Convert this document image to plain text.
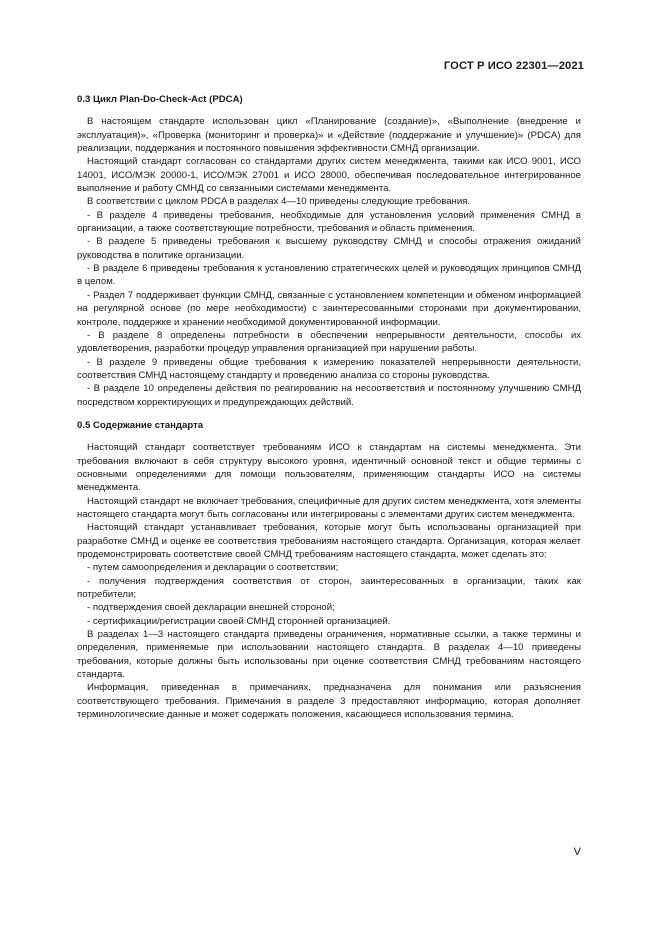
ГОСТ Р ИСО 22301—2021
0.3 Цикл Plan-Do-Check-Act (PDCA)

В настоящем стандарте использован цикл «Планирование (создание)», «Выполнение (внедрение и эксплуатация)», «Проверка (мониторинг и проверка)» и «Действие (поддержание и улучшение)» (PDCA) для реализации, поддержания и постоянного повышения эффективности СМНД организации.

Настоящий стандарт согласован со стандартами других систем менеджмента, такими как ИСО 9001, ИСО 14001, ИСО/МЭК 20000-1, ИСО/МЭК 27001 и ИСО 28000, обеспечивая последовательное интегрированное выполнение и работу СМНД со связанными системами менеджмента.

В соответствии с циклом PDCA в разделах 4—10 приведены следующие требования.

- В разделе 4 приведены требования, необходимые для установления условий применения СМНД в организации, а также соответствующие потребности, требования и область применения.

- В разделе 5 приведены требования к высшему руководству СМНД и способы отражения ожиданий руководства в политике организации.

- В разделе 6 приведены требования к установлению стратегических целей и руководящих принципов СМНД в целом.

- Раздел 7 поддерживает функции СМНД, связанные с установлением компетенции и обменом информацией на регулярной основе (по мере необходимости) с заинтересованными сторонами при документировании, контроле, поддержке и хранении необходимой документированной информации.

- В разделе 8 определены потребности в обеспечении непрерывности деятельности, способы их удовлетворения, разработки процедур управления организацией при нарушении работы.

- В разделе 9 приведены общие требования к измерению показателей непрерывности деятельности, соответствия СМНД настоящему стандарту и проведению анализа со стороны руководства.

- В разделе 10 определены действия по реагированию на несоответствия и постоянному улучшению СМНД посредством корректирующих и предупреждающих действий.

0.5 Содержание стандарта

Настоящий стандарт соответствует требованиям ИСО к стандартам на системы менеджмента. Эти требования включают в себя структуру высокого уровня, идентичный основной текст и общие термины с основными определениями для помощи пользователям, применяющим стандарты ИСО на системы менеджмента.

Настоящий стандарт не включает требования, специфичные для других систем менеджмента, хотя элементы настоящего стандарта могут быть согласованы или интегрированы с элементами других систем менеджмента.

Настоящий стандарт устанавливает требования, которые могут быть использованы организацией при разработке СМНД и оценке ее соответствия требованиям настоящего стандарта. Организация, которая желает продемонстрировать соответствие своей СМНД требованиям настоящего стандарта, может сделать это:

- путем самоопределения и декларации о соответствии;

- получения подтверждения соответствия от сторон, заинтересованных в организации, таких как потребители;

- подтверждения своей декларации внешней стороной;

- сертификации/регистрации своей СМНД сторонней организацией.

В разделах 1—3 настоящего стандарта приведены ограничения, нормативные ссылки, а также термины и определения, применяемые при использовании настоящего стандарта. В разделах 4—10 приведены требования, которые должны быть использованы при оценке соответствия СМНД требованиям настоящего стандарта.

Информация, приведенная в примечаниях, предназначена для понимания или разъяснения соответствующего требования. Примечания в разделе 3 предоставляют информацию, которая дополняет терминологические данные и может содержать положения, касающиеся использования термина.

V
